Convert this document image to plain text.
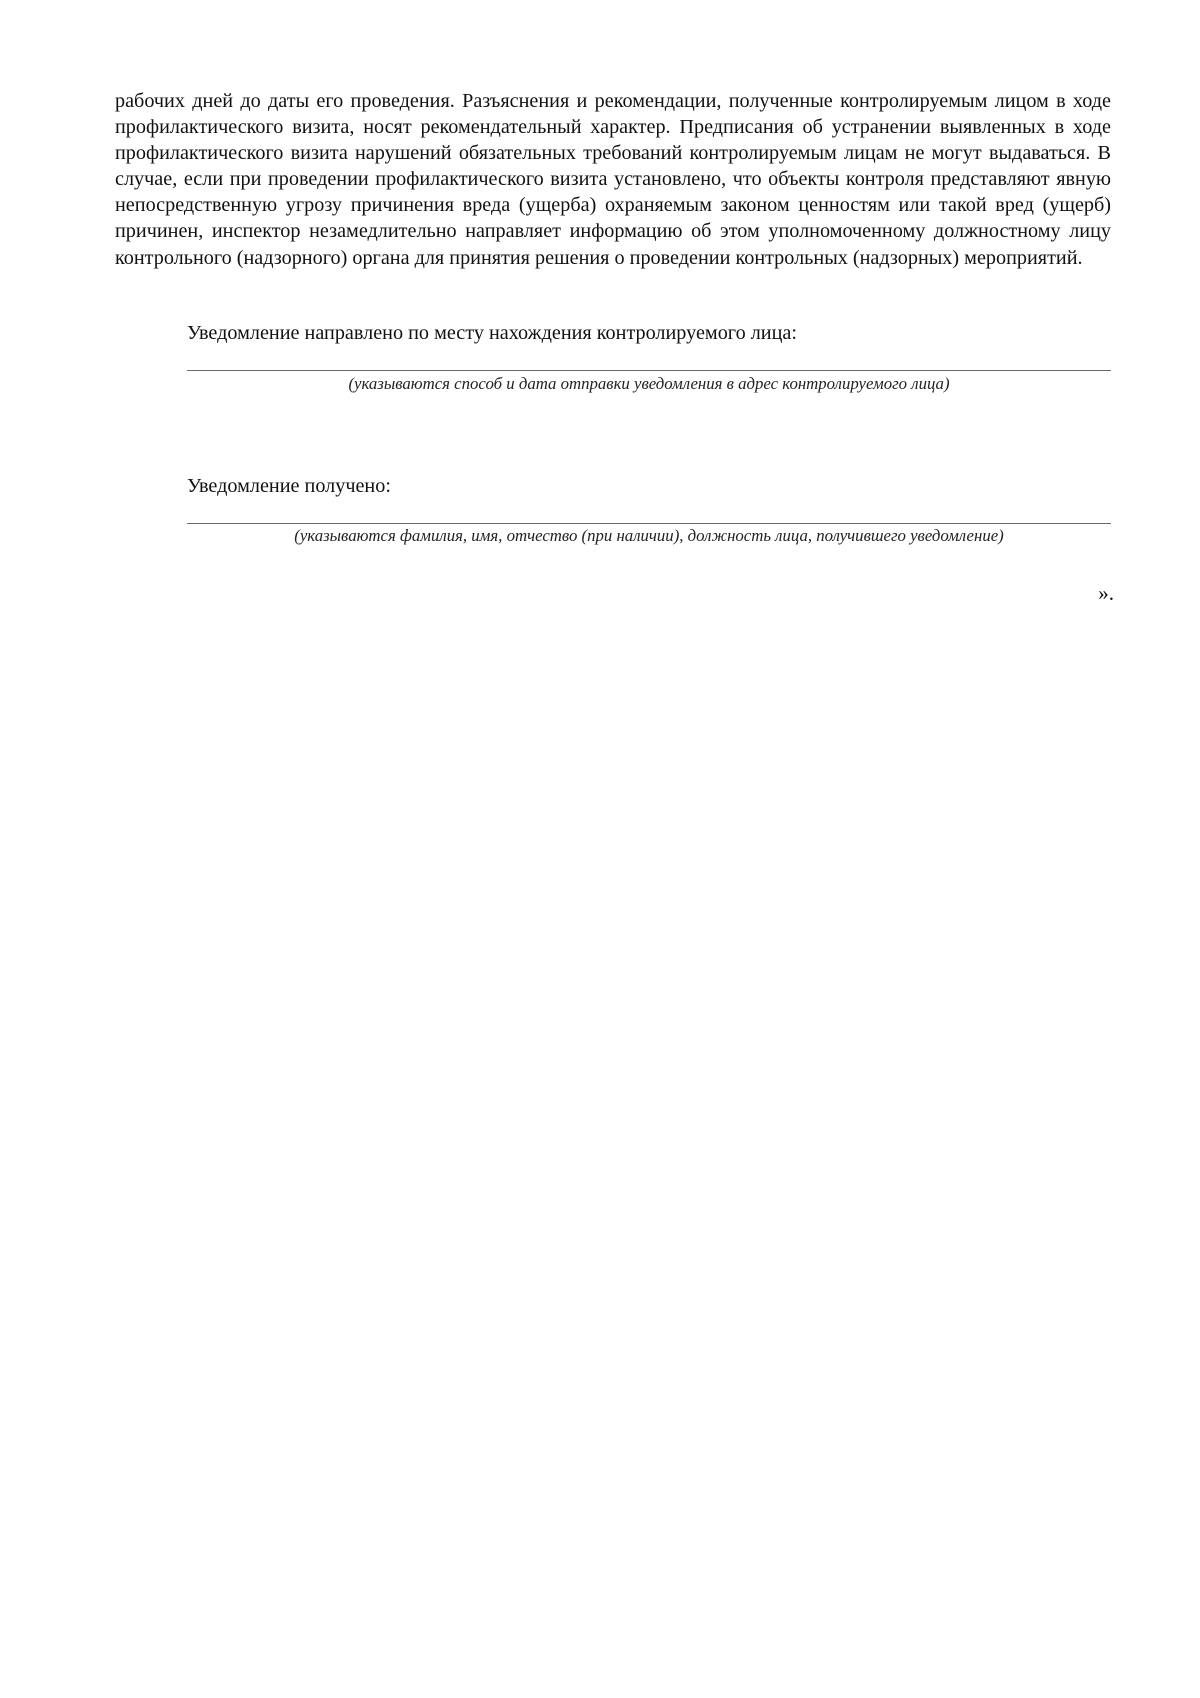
рабочих дней до даты его проведения. Разъяснения и рекомендации, полученные контролируемым лицом в ходе профилактического визита, носят рекомендательный характер. Предписания об устранении выявленных в ходе профилактического визита нарушений обязательных требований контролируемым лицам не могут выдаваться. В случае, если при проведении профилактического визита установлено, что объекты контроля представляют явную непосредственную угрозу причинения вреда (ущерба) охраняемым законом ценностям или такой вред (ущерб) причинен, инспектор незамедлительно направляет информацию об этом уполномоченному должностному лицу контрольного (надзорного) органа для принятия решения о проведении контрольных (надзорных) мероприятий.

Уведомление направлено по месту нахождения контролируемого лица:

(указываются способ и дата отправки уведомления в адрес контролируемого лица)

Уведомление получено:

(указываются фамилия, имя, отчество (при наличии), должность лица, получившего уведомление)

».
